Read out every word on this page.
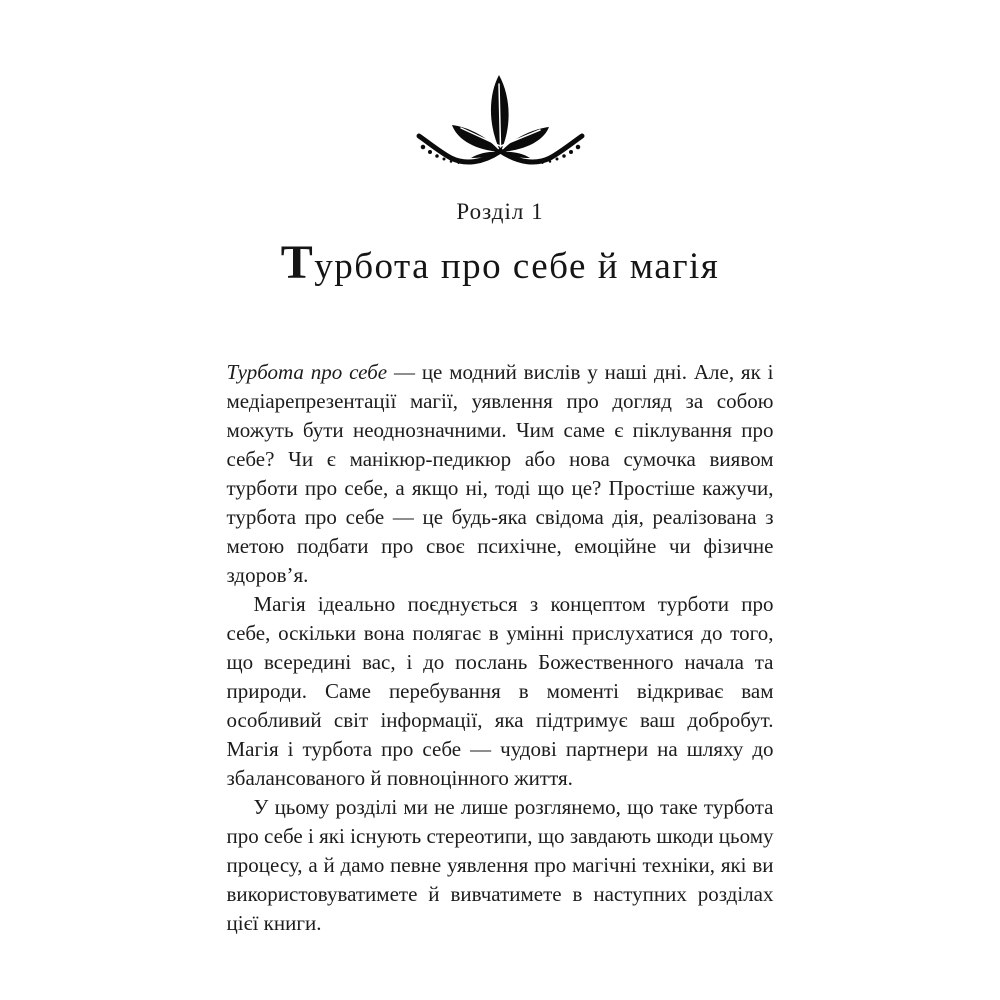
Розділ 1
Турбота про себе й магія

Турбота про себе — це модний вислів у наші дні. Але, як і медіарепрезентації магії, уявлення про догляд за собою можуть бути неоднозначними. Чим саме є піклування про себе? Чи є манікюр-педикюр або нова сумочка виявом турботи про себе, а якщо ні, тоді що це? Простіше кажучи, турбота про себе — це будь-яка свідома дія, реалізована з метою подбати про своє психічне, емоційне чи фізичне здоров’я.

Магія ідеально поєднується з концептом турботи про себе, оскільки вона полягає в умінні прислухатися до того, що всередині вас, і до послань Божественного начала та природи. Саме перебування в моменті відкриває вам особливий світ інформації, яка підтримує ваш добробут. Магія і турбота про себе — чудові партнери на шляху до збалансованого й повноцінного життя.

У цьому розділі ми не лише розглянемо, що таке турбота про себе і які існують стереотипи, що завдають шкоди цьому процесу, а й дамо певне уявлення про магічні техніки, які ви використовуватимете й вивчатимете в наступних розділах цієї книги.
